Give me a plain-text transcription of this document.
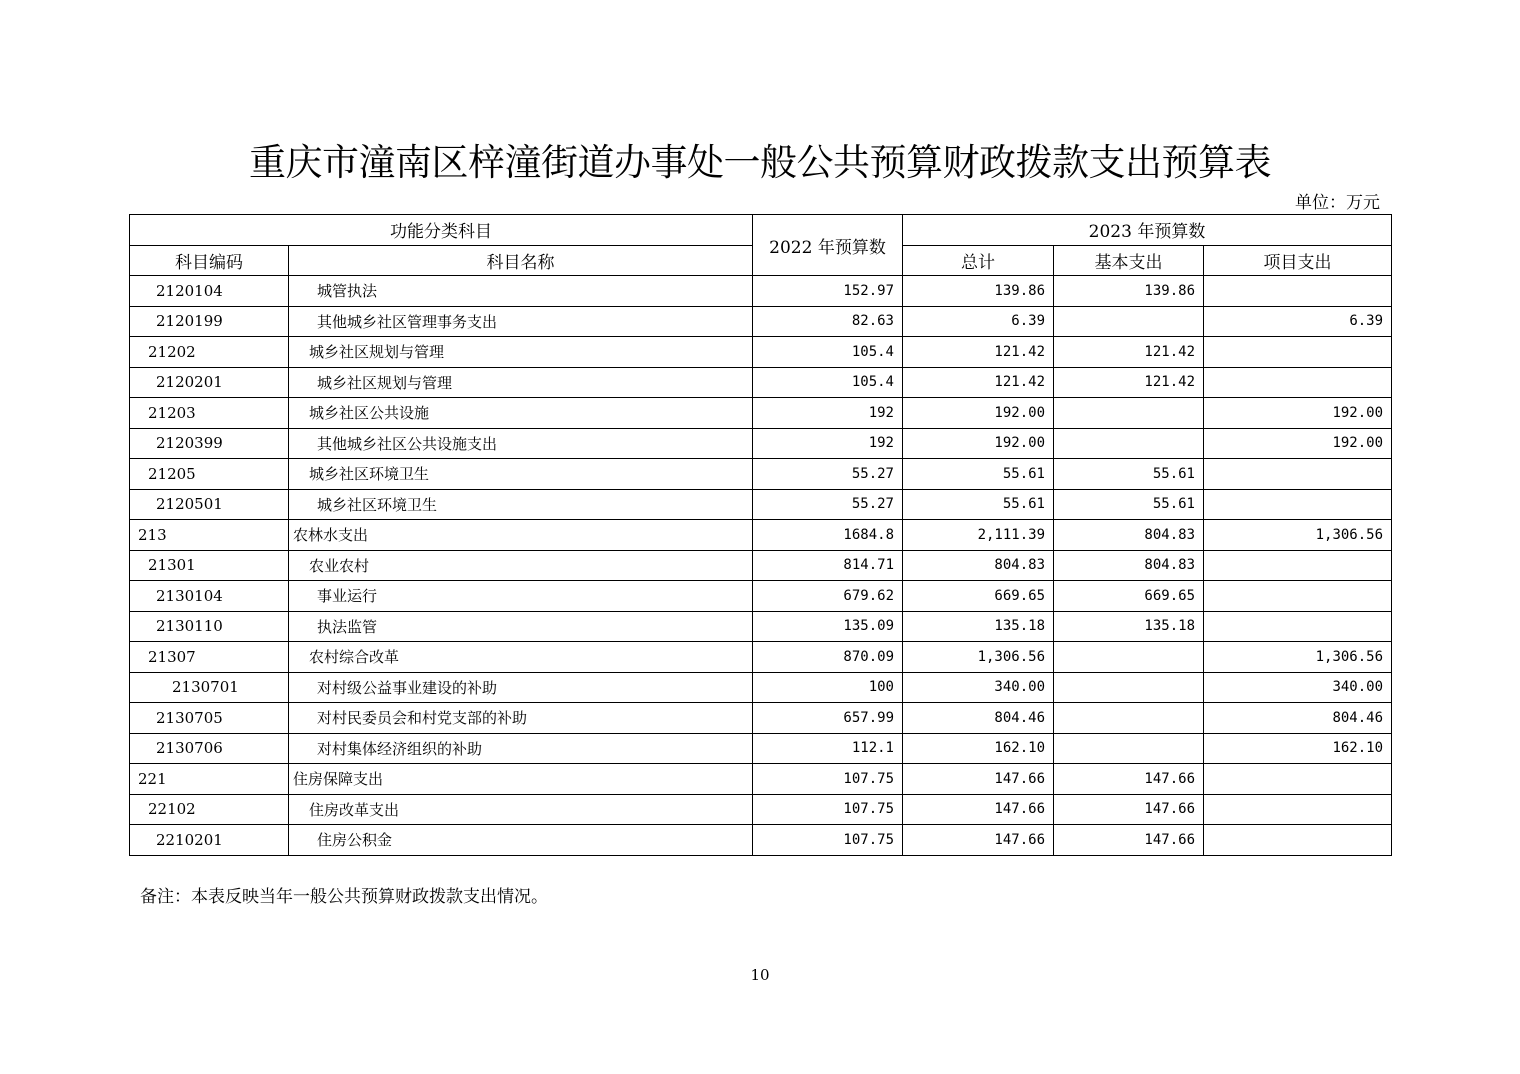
重庆市潼南区梓潼街道办事处一般公共预算财政拨款支出预算表
单位：万元
功能分类科目		2022 年预算数	2023 年预算数		
科目编码	科目名称		总计	基本支出	项目支出
2120104	城管执法	152.97	139.86	139.86	
2120199	其他城乡社区管理事务支出	82.63	6.39		6.39
21202	城乡社区规划与管理	105.4	121.42	121.42	
2120201	城乡社区规划与管理	105.4	121.42	121.42	
21203	城乡社区公共设施	192	192.00		192.00
2120399	其他城乡社区公共设施支出	192	192.00		192.00
21205	城乡社区环境卫生	55.27	55.61	55.61	
2120501	城乡社区环境卫生	55.27	55.61	55.61	
213	农林水支出	1684.8	2,111.39	804.83	1,306.56
21301	农业农村	814.71	804.83	804.83	
2130104	事业运行	679.62	669.65	669.65	
2130110	执法监管	135.09	135.18	135.18	
21307	农村综合改革	870.09	1,306.56		1,306.56
2130701	对村级公益事业建设的补助	100	340.00		340.00
2130705	对村民委员会和村党支部的补助	657.99	804.46		804.46
2130706	对村集体经济组织的补助	112.1	162.10		162.10
221	住房保障支出	107.75	147.66	147.66	
22102	住房改革支出	107.75	147.66	147.66	
2210201	住房公积金	107.75	147.66	147.66	
备注：本表反映当年一般公共预算财政拨款支出情况。
10
